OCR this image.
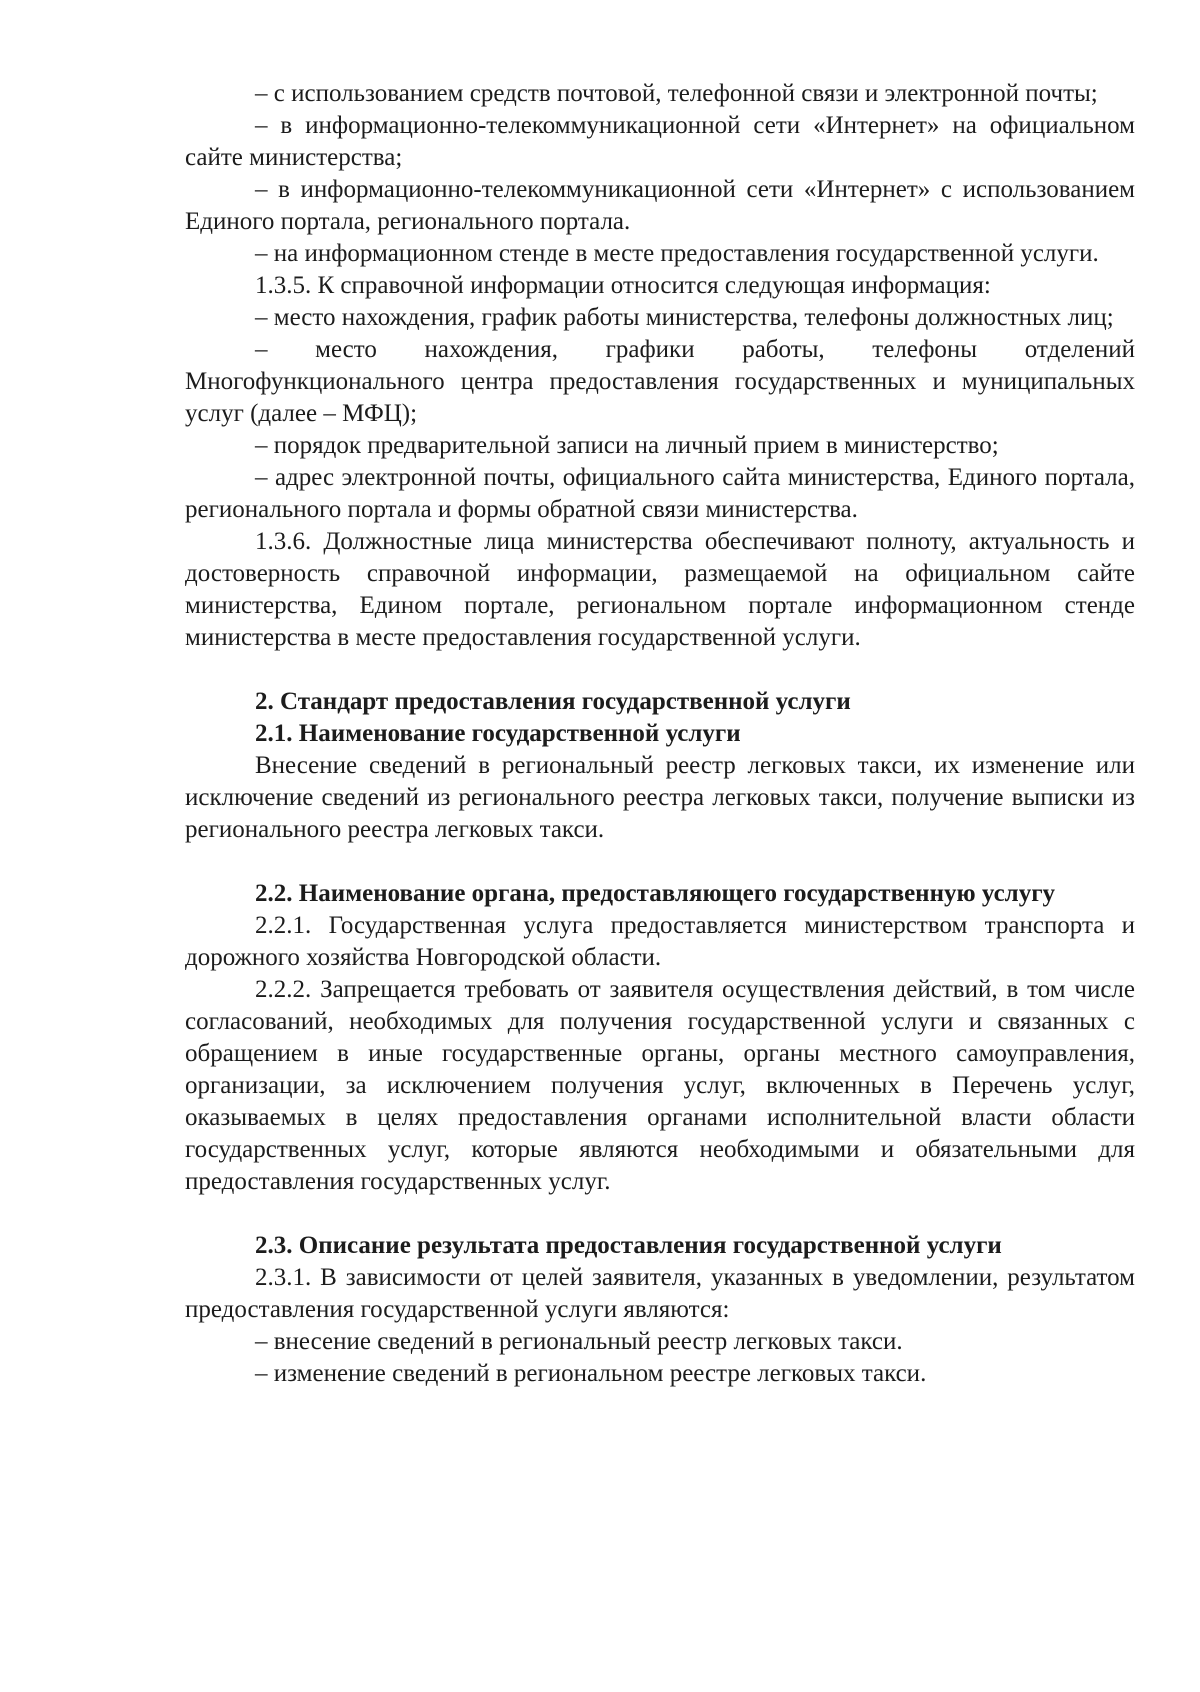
– с использованием средств почтовой, телефонной связи и электронной почты;

– в информационно-телекоммуникационной сети «Интернет» на официальном сайте министерства;

– в информационно-телекоммуникационной сети «Интернет» с использованием Единого портала, регионального портала.

– на информационном стенде в месте предоставления государственной услуги.

1.3.5. К справочной информации относится следующая информация:

– место нахождения, график работы министерства, телефоны должностных лиц;

– место нахождения, графики работы, телефоны отделений Многофункционального центра предоставления государственных и муниципальных услуг (далее – МФЦ);

– порядок предварительной записи на личный прием в министерство;

– адрес электронной почты, официального сайта министерства, Единого портала, регионального портала и формы обратной связи министерства.

1.3.6. Должностные лица министерства обеспечивают полноту, актуальность и достоверность справочной информации, размещаемой на официальном сайте министерства, Едином портале, региональном портале информационном стенде министерства в месте предоставления государственной услуги.

2. Стандарт предоставления государственной услуги
2.1. Наименование государственной услуги

Внесение сведений в региональный реестр легковых такси, их изменение или исключение сведений из регионального реестра легковых такси, получение выписки из регионального реестра легковых такси.

2.2. Наименование органа, предоставляющего государственную услугу

2.2.1. Государственная услуга предоставляется министерством транспорта и дорожного хозяйства Новгородской области.

2.2.2. Запрещается требовать от заявителя осуществления действий, в том числе согласований, необходимых для получения государственной услуги и связанных с обращением в иные государственные органы, органы местного самоуправления, организации, за исключением получения услуг, включенных в Перечень услуг, оказываемых в целях предоставления органами исполнительной власти области государственных услуг, которые являются необходимыми и обязательными для предоставления государственных услуг.

2.3. Описание результата предоставления государственной услуги

2.3.1. В зависимости от целей заявителя, указанных в уведомлении, результатом предоставления государственной услуги являются:

– внесение сведений в региональный реестр легковых такси.

– изменение сведений в региональном реестре легковых такси.
